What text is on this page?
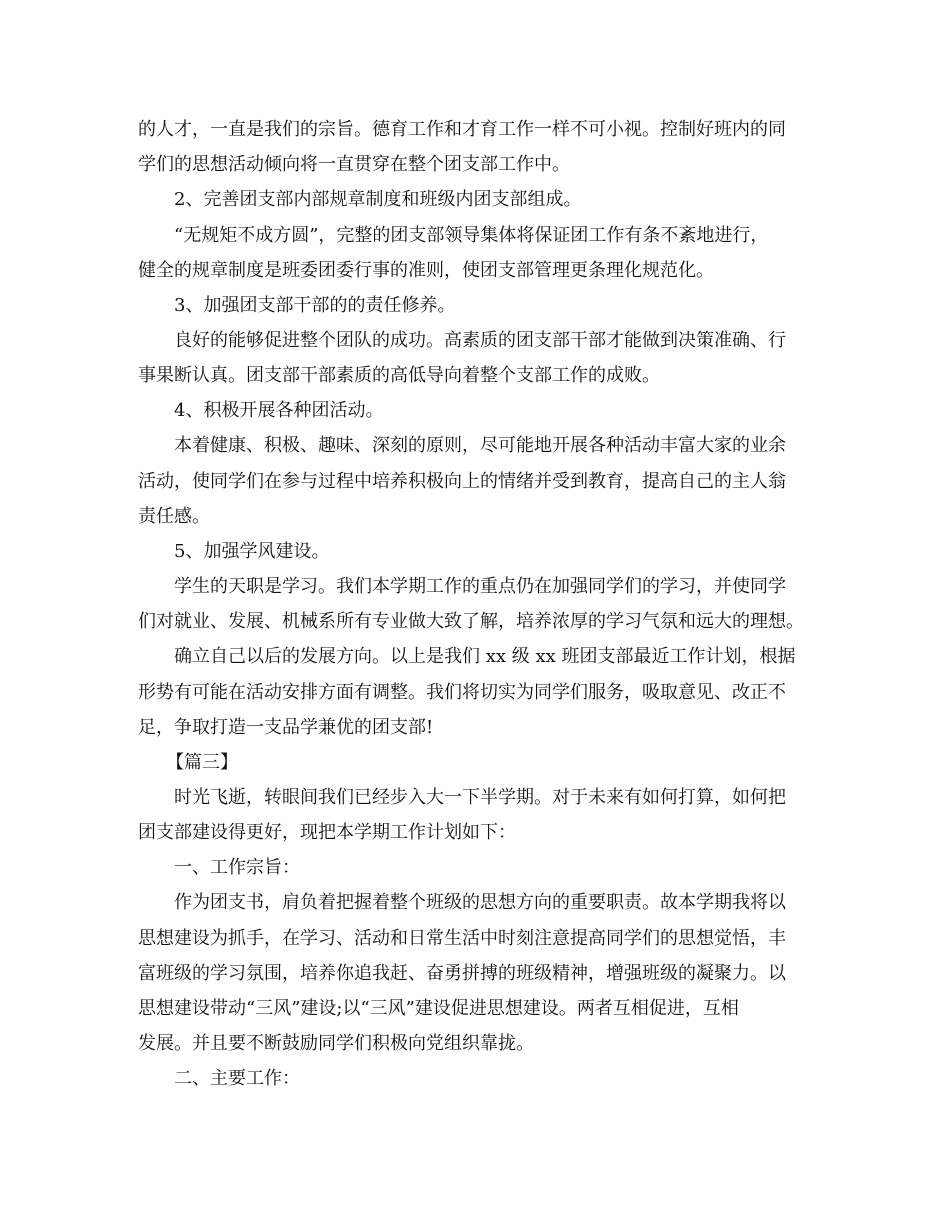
的人才，一直是我们的宗旨。德育工作和才育工作一样不可小视。控制好班内的同
学们的思想活动倾向将一直贯穿在整个团支部工作中。
2、完善团支部内部规章制度和班级内团支部组成。
“无规矩不成方圆”，完整的团支部领导集体将保证团工作有条不紊地进行，
健全的规章制度是班委团委行事的准则，使团支部管理更条理化规范化。
3、加强团支部干部的的责任修养。
良好的能够促进整个团队的成功。高素质的团支部干部才能做到决策准确、行
事果断认真。团支部干部素质的高低导向着整个支部工作的成败。
4、积极开展各种团活动。
本着健康、积极、趣味、深刻的原则，尽可能地开展各种活动丰富大家的业余
活动，使同学们在参与过程中培养积极向上的情绪并受到教育，提高自己的主人翁
责任感。
5、加强学风建设。
学生的天职是学习。我们本学期工作的重点仍在加强同学们的学习，并使同学
们对就业、发展、机械系所有专业做大致了解，培养浓厚的学习气氛和远大的理想。
确立自己以后的发展方向。以上是我们 xx 级 xx 班团支部最近工作计划，根据
形势有可能在活动安排方面有调整。我们将切实为同学们服务，吸取意见、改正不
足，争取打造一支品学兼优的团支部!
【篇三】
时光飞逝，转眼间我们已经步入大一下半学期。对于未来有如何打算，如何把
团支部建设得更好，现把本学期工作计划如下：
一、工作宗旨：
作为团支书，肩负着把握着整个班级的思想方向的重要职责。故本学期我将以
思想建设为抓手，在学习、活动和日常生活中时刻注意提高同学们的思想觉悟，丰
富班级的学习氛围，培养你追我赶、奋勇拼搏的班级精神，增强班级的凝聚力。以
思想建设带动“三风”建设;以“三风”建设促进思想建设。两者互相促进，互相
发展。并且要不断鼓励同学们积极向党组织靠拢。
二、主要工作：
